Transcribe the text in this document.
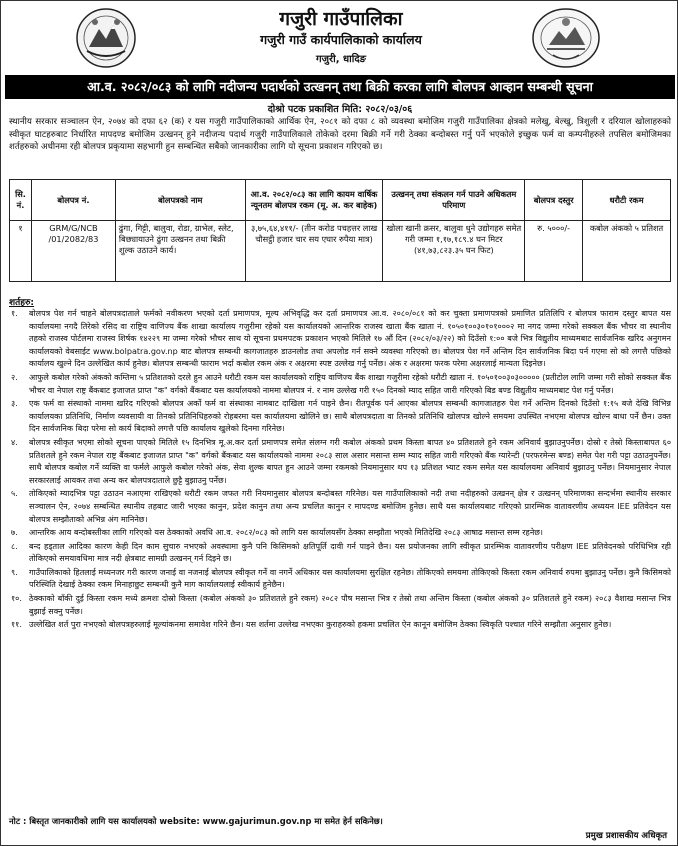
गजुरी गाउँपालिका
गजुरी गाउँ कार्यपालिकाको कार्यालय
गजुरी, धादिङ
आ.व. २०८२/०८३ को लागि नदीजन्य पदार्थको उत्खनन् तथा बिक्री करका लागि बोलपत्र आव्हान सम्बन्धी सूचना
दोश्रो पटक प्रकाशित मिति: २०८२/०३/०६
स्थानीय सरकार सञ्चालन ऐन, २०७४ को दफा ६२ (क) र यस गजुरी गाउँपालिकाको आर्थिक ऐन, २०८१ को दफा ८ को व्यवस्था बमोजिम गजुरी गाउँपालिका क्षेत्रको मलेखु, बेल्खु, त्रिशुली र दरियाल खोलाहरुको स्वीकृत घाटहरुबाट निर्धारित मापदण्ड बमोजिम उत्खनन् हुने नदीजन्य पदार्थ गजुरी गाउँपालिकाले तोकेको दरमा बिक्री गर्ने गरी ठेक्का बन्दोबस्त गर्नु पर्ने भएकोले इच्छुक फर्म वा कम्पनीहरुले तपसिल बमोजिमका शर्तहरुको अधीनमा रही बोलपत्र प्रकृयामा सहभागी हुन सम्बन्धित सबैको जानकारीका लागि यो सूचना प्रकाशन गरिएको छ।
सि. नं.	बोलपत्र नं.	बोलपत्रको नाम	आ.व. २०८२/०८३ का लागि कायम वार्षिक न्यूनतम बोलपत्र रकम (मू. अ. कर बाहेक)	उत्खनन् तथा संकलन गर्न पाउने अधिकतम परिमाण	बोलपत्र दस्तुर	धरौटी रकम
१	GRM/G/NCB /01/2082/83	ढुंगा, गिट्टी, बालुवा, रोडा, ग्राभेल, स्लेट, बिछ्यायाउने ढुंगा उत्खनन तथा बिक्री शुल्क उठाउने कार्य।	३,७५,६४,४११/- (तीन करोड पचहत्तर लाख चौसट्ठी हजार चार सय एघार रुपैया मात्र)	खोला खानी क्रसर, बालुवा धुने उद्योगहरु समेत गरी जम्मा १,१७,१८९.४ घन मिटर (४१,७३,८२३.३५ घन फिट)	रु. ५०००/-	कबोल अंकको ५ प्रतिशत
शर्तहरु:
१. बोलपत्र पेश गर्न चाहने बोलपत्रदाताले फर्मको नवीकरण भएको दर्ता प्रमाणपत्र, मूल्य अभिवृद्धि कर दर्ता प्रमाणपत्र आ.व. २०८०/०८१ को कर चुक्ता प्रमाणपत्रको प्रमाणित प्रतिलिपि र बोलपत्र फाराम दस्तुर बापत यस कार्यालयमा नगदै तिरेको रसिद वा राष्ट्रिय वाणिज्य बैंक शाखा कार्यालय गजुरीमा रहेको यस कार्यालयको आन्तरिक राजस्व खाता बैंक खाता नं. १०५०१००३०१०१०००२ मा नगद जम्मा गरेको सक्कल बैंक भौचर वा स्थानीय तहको राजस्व पोर्टलमा राजस्व शिर्षक १४२२९ मा जम्मा गरेको भौचर साथ यो सूचना प्रथमपटक प्रकाशन भएको मितिले १७ औं दिन (२०८२/०३/२२) को दिउँसो १:०० बजे भित्र विद्युतीय माध्यमबाट सार्वजनिक खरिद अनुगमन कार्यालयको वेबसाईट www.bolpatra.gov.np बाट बोलपत्र सम्बन्धी कागजातहरु डाउनलोड तथा अपलोड गर्न सक्ने व्यवस्था गरिएको छ। बोलपत्र पेश गर्ने अन्तिम दिन सार्वजनिक बिदा पर्न गएमा सो को लगत्तै पछिको कार्यालय खुल्ने दिन उल्लेखित कार्य हुनेछ। बोलपत्र सम्बन्धी फाराम भर्दा कबोल रकम अंक र अक्षरमा स्पष्ट उल्लेख गर्नु पर्नेछ। अंक र अक्षरमा फरक परेमा अक्षरलाई मान्यता दिइनेछ।
२. आफुले कबोल गरेको अंकको कम्तिमा ५ प्रतिशतको दरले हुन आउने धरौटी रकम यस कार्यालयको राष्ट्रिय वाणिज्य बैंक शाखा गजुरीमा रहेको धरौटी खाता नं. १०५०१००३०३००००० (प्रतीटोल लागि जम्मा गरी सोको सक्कल बैंक भौचर वा नेपाल राष्ट्र बैंकबाट इजाजत प्राप्त "क" वर्गको बैंकबाट यस कार्यालयको नाममा बोलपत्र नं. र नाम उल्लेख गरी १५० दिनको म्याद सहित जारी गरिएको बिड बण्ड विद्युतीय माध्यमबाट पेश गर्नु पर्नेछ।
३. एक फर्म वा संस्थाको नाममा खरिद गरिएको बोलपत्र अर्को फर्म वा संस्थाका नामबाट दाखिला गर्न पाइने छैन। रीतपूर्वक पर्न आएका बोलपत्र सम्बन्धी कागजातहरु पेश गर्ने अन्तिम दिनको दिउँसो १:१५ बजे देखि विभिन्न कार्यालयका प्रतिनिधि, निर्माण व्यवसायी वा तिनको प्रतिनिधिहरुको रोहबरमा यस कार्यालयमा खोलिने छ। साथै बोलपत्रदाता वा तिनको प्रतिनिधि खोलपत्र खोल्ने समयमा उपस्थित नभएमा बोलपत्र खोल्न बाधा पर्ने छैन। उक्त दिन सार्वजनिक बिदा परेमा सो कार्य बिदाको लगत्तै पछि कार्यालय खुलेको दिनमा गरिनेछ।
४. बोलपत्र स्वीकृत भएमा सोको सूचना पाएको मितिले १५ दिनभित्र मू.अ.कर दर्ता प्रमाणपत्र समेत संलग्न गरी कबोल अंकको प्रथम किस्ता बापत ४० प्रतिशतले हुने रकम अनिवार्य बुझाउनुपर्नेछ। दोस्रो र तेस्रो किस्ताबापत ६० प्रतिशतले हुने रकम नेपाल राष्ट्र बैंकबाट इजाजत प्राप्त "क" वर्गको बैंकबाट यस कार्यालयको नाममा २०८३ साल असार मसान्त सम्म म्याद सहित जारी गरिएको बैंक ग्यारेन्टी (परफरमेन्स बण्ड) समेत पेश गरी पट्टा उठाउनुपर्नेछ। साथै बोलपत्र कबोल गर्ने व्यक्ति वा फर्मले आफुले कबोल गरेको अंक, सेवा शुल्क बापत हुन आउने जम्मा रकमको नियमानुसार थप १३ प्रतिशत भ्याट रकम समेत यस कार्यालयमा अनिवार्य बुझाउनु पर्नेछ। नियमानुसार नेपाल सरकारलाई आयकर तथा अन्य कर बोलपत्रदाताले छुट्टै बुझाउनु पर्नेछ।
५. तोकिएको म्यादभित्र पट्टा उठाउन नआएमा राखिएको धरौटी रकम जफत गरी नियमानुसार बोलपत्र बन्दोबस्त गरिनेछ। यस गाउँपालिकाको नदी तथा नदीहरुको उत्खनन् क्षेत्र र उत्खनन् परिमाणका सन्दर्भमा स्थानीय सरकार सञ्चालन ऐन, २०७४ सम्बन्धित स्थानीय तहबाट जारी भएका कानुन, प्रदेश कानुन तथा अन्य प्रचलित कानुन र मापदण्ड बमोजिम हुनेछ। साथै यस कार्यालयबाट गरिएको प्रारम्भिक वातावरणीय अध्ययन IEE प्रतिवेदन यस बोलपत्र सम्झौताको अभिन्न अंग मानिनेछ।
७. आन्तरिक आय बन्दोबस्तीका लागि गरिएको यस ठेक्काको अवधि आ.व. २०८२/०८३ को लागि यस कार्यालयसँग ठेक्का सम्झौता भएको मितिदेखि २०८३ आषाढ मसान्त सम्म रहनेछ।
८. बन्द हड्ताल आदिका कारण केही दिन काम सुचारु नभएको अवस्थामा कुनै पनि किसिमको क्षतिपूर्ति दावी गर्न पाइने छैन। यस प्रयोजनका लागि स्वीकृत प्रारम्भिक वातावरणीय परीक्षण IEE प्रतिवेदनको परिधिभित्र रही तोकिएको समयावधिमा मात्र नदी क्षेत्रबाट सामग्री उत्खनन् गर्न दिइने छ।
९. गाउँपालिकाको हितलाई मध्यनजर गरी कारण जनाई वा नजनाई बोलपत्र स्वीकृत गर्ने वा नगर्ने अधिकार यस कार्यालयमा सुरक्षित रहनेछ। तोकिएको समयमा तोकिएको किस्ता रकम अनिवार्य रुपमा बुझाउनु पर्नेछ। कुनै किसिमको परिस्थिति देखाई ठेक्का रकम मिनाहाछुट सम्बन्धी कुनै माग कार्यालयलाई स्वीकार्य हुनेछैन।
१०. ठेक्काको बाँकी दुई किस्ता रकम मध्ये क्रमशः दोस्रो किस्ता (कबोल अंकको ३० प्रतिशतले हुने रकम) २०८२ पौष मसान्त भित्र र तेस्रो तथा अन्तिम किस्ता (कबोल अंकको ३० प्रतिशतले हुने रकम) २०८३ वैशाख मसान्त भित्र बुझाई सक्नु पर्नेछ।
११. उल्लेखित शर्त पुरा नभएको बोलपत्रहरुलाई मूल्यांकनमा समावेश गरिने छैन। यस शर्तमा उल्लेख नभएका कुराहरुको हकमा प्रचलित ऐन कानून बमोजिम ठेक्का स्विकृति पश्चात गरिने सम्झौता अनुसार हुनेछ।
नोट : बिस्तृत जानकारीको लागि यस कार्यालयको website: www.gajurimun.gov.np मा समेत हेर्न सकिनेछ।
प्रमुख प्रशासकीय अधिकृत
